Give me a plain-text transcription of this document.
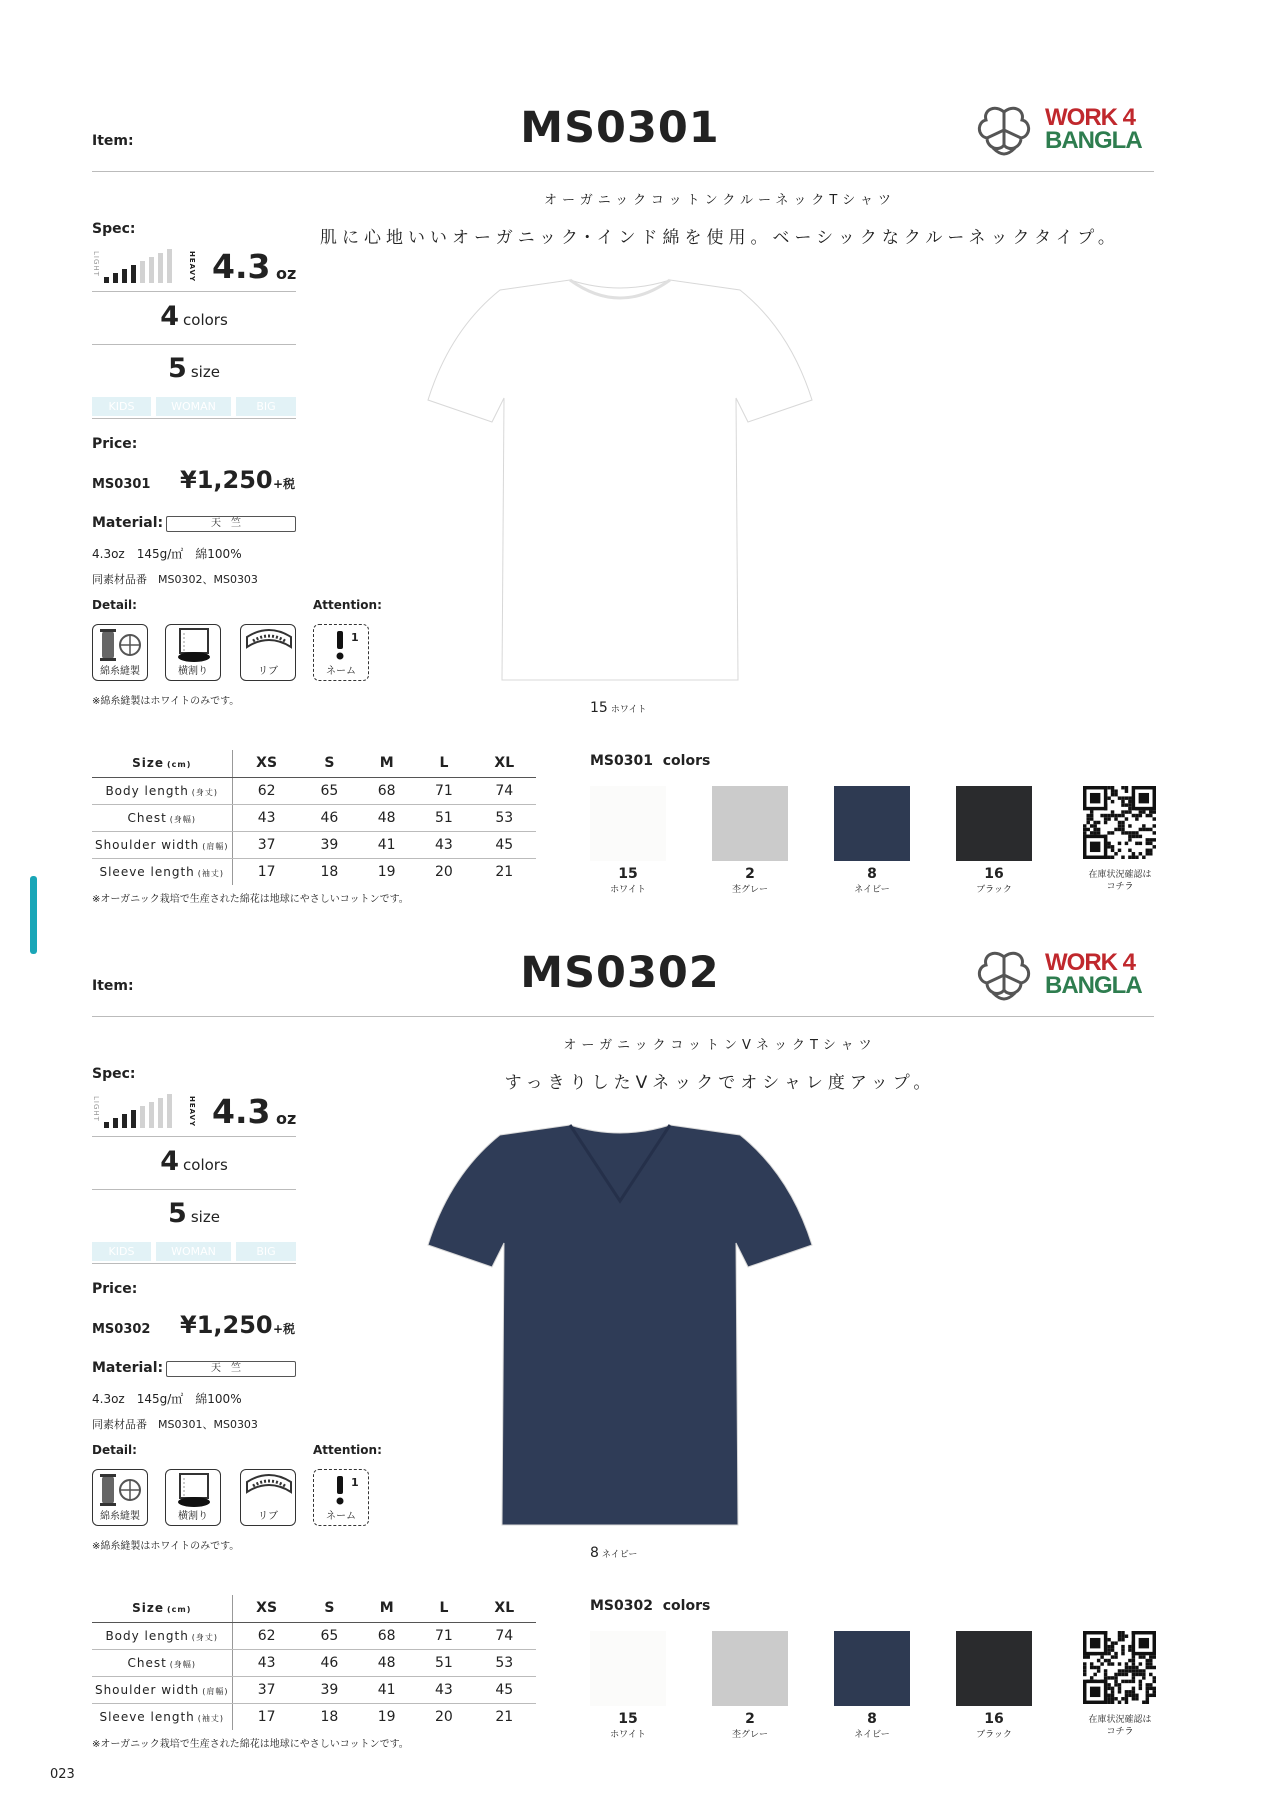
Item:	MS0301	WORK 4
BANGLA
オーガニックコットンクルーネックTシャツ
肌に心地いいオーガニック･インド綿を使用。ベーシックなクルーネックタイプ。
Spec:
LIGHT	HEAVY 4.3 oz
4 colors
5 size
KIDS	WOMAN	BIG
Price:
MS0301 ¥1,250 +税
Material:	天竺
4.3oz　145g/㎡　綿100%
同素材品番　MS0302、MS0303
Detail:	Attention:
綿糸縫製	横割り	リブ
1
ネーム
※綿糸縫製はホワイトのみです。	15 ホワイト
Size (cm)	XS	S	M	L	XL
Body length (身丈)	62	65	68	71	74
Chest (身幅)	43	46	48	51	53
Shoulder width (肩幅)	37	39	41	43	45
Sleeve length (袖丈)	17	18	19	20	21
※オーガニック栽培で生産された綿花は地球にやさしいコットンです。
MS0301 colors
15
ホワイト
2
杢グレー
8
ネイビー
16
ブラック
在庫状況確認は
コチラ
Item:	MS0302	WORK 4
BANGLA
オーガニックコットンVネックTシャツ
すっきりしたVネックでオシャレ度アップ。
Spec:
LIGHT	HEAVY 4.3 oz
4 colors
5 size
KIDS	WOMAN	BIG
Price:
MS0302 ¥1,250 +税
Material:	天竺
4.3oz　145g/㎡　綿100%
同素材品番　MS0301、MS0303
Detail:	Attention:
綿糸縫製	横割り	リブ
1
ネーム
※綿糸縫製はホワイトのみです。	8 ネイビー
Size (cm)	XS	S	M	L	XL
Body length (身丈)	62	65	68	71	74
Chest (身幅)	43	46	48	51	53
Shoulder width (肩幅)	37	39	41	43	45
Sleeve length (袖丈)	17	18	19	20	21
※オーガニック栽培で生産された綿花は地球にやさしいコットンです。
MS0302 colors
15
ホワイト
2
杢グレー
8
ネイビー
16
ブラック
在庫状況確認は
コチラ
023
